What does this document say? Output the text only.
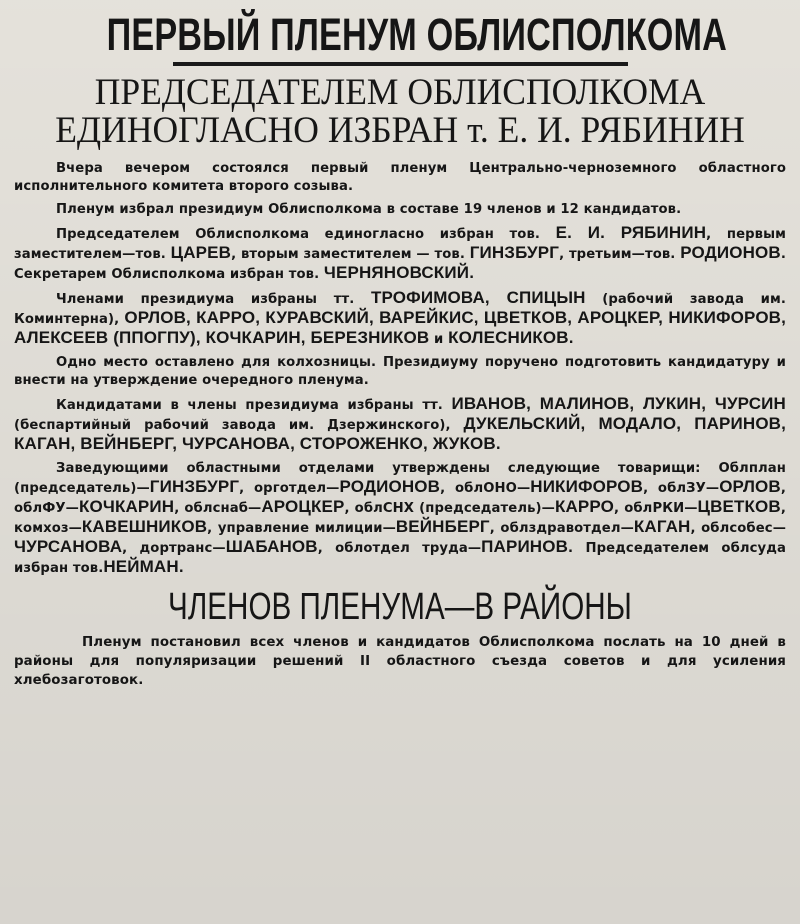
ПЕРВЫЙ ПЛЕНУМ ОБЛИСПОЛКОМА
ПРЕДСЕДАТЕЛЕМ ОБЛИСПОЛКОМА
ЕДИНОГЛАСНО ИЗБРАН т. Е. И. РЯБИНИН

Вчера вечером состоялся первый пленум Центрально-черноземного областного исполнительного комитета второго созыва.

Пленум избрал президиум Облисполкома в составе 19 членов и 12 кандидатов.

Председателем Облисполкома единогласно избран тов. Е. И. РЯБИНИН, первым заместителем—тов. ЦАРЕВ, вторым заместителем — тов. ГИНЗБУРГ, третьим—тов. РОДИОНОВ. Секретарем Облисполкома избран тов. ЧЕРНЯНОВСКИЙ.

Членами президиума избраны тт. ТРОФИМОВА, СПИЦЫН (рабочий завода им. Коминтерна), ОРЛОВ, КАРРО, КУРАВСКИЙ, ВАРЕЙКИС, ЦВЕТКОВ, АРОЦКЕР, НИКИФОРОВ, АЛЕКСЕЕВ (ППОГПУ), КОЧКАРИН, БЕРЕЗНИКОВ и КОЛЕСНИКОВ.

Одно место оставлено для колхозницы. Президиуму поручено подготовить кандидатуру и внести на утверждение очередного пленума.

Кандидатами в члены президиума избраны тт. ИВАНОВ, МАЛИНОВ, ЛУКИН, ЧУРСИН (беспартийный рабочий завода им. Дзержинского), ДУКЕЛЬСКИЙ, МОДАЛО, ПАРИНОВ, КАГАН, ВЕЙНБЕРГ, ЧУРСАНОВА, СТОРОЖЕНКО, ЖУКОВ.

Заведующими областными отделами утверждены следующие товарищи: Облплан (председатель)—ГИНЗБУРГ, орготдел—РОДИОНОВ, облОНО—НИКИФОРОВ, облЗУ—ОРЛОВ, облФУ—КОЧКАРИН, облснаб—АРОЦКЕР, облСНХ (председатель)—КАРРО, облРКИ—ЦВЕТКОВ, комхоз—КАВЕШНИКОВ, управление милиции—ВЕЙНБЕРГ, облздравотдел—КАГАН, облсобес—ЧУРСАНОВА, дортранс—ШАБАНОВ, облотдел труда—ПАРИНОВ. Председателем облсуда избран тов.НЕЙМАН.

ЧЛЕНОВ ПЛЕНУМА—В РАЙОНЫ

Пленум постановил всех членов и кандидатов Облисполкома послать на 10 дней в районы для популяризации решений II областного съезда советов и для усиления хлебозаготовок.
